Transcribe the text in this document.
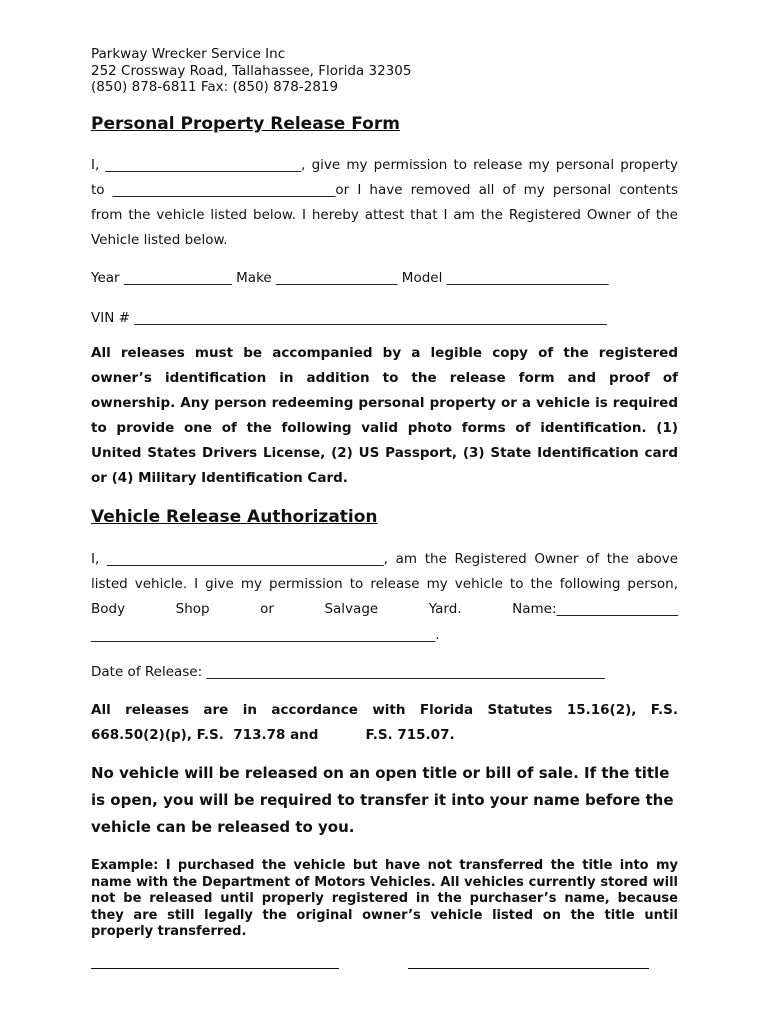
Parkway Wrecker Service Inc
252 Crossway Road, Tallahassee, Florida 32305
(850) 878-6811 Fax: (850) 878-2819
Personal Property Release Form

I, _____________________________, give my permission to release my personal property to _________________________________or I have removed all of my personal contents from the vehicle listed below. I hereby attest that I am the Registered Owner of the Vehicle listed below.

Year ________________ Make __________________ Model ________________________
VIN # ______________________________________________________________________

All releases must be accompanied by a legible copy of the registered owner’s identification in addition to the release form and proof of ownership. Any person redeeming personal property or a vehicle is required to provide one of the following valid photo forms of identification. (1) United States Drivers License, (2) US Passport, (3) State Identification card or (4) Military Identification Card.

Vehicle Release Authorization

I, _________________________________________, am the Registered Owner of the above listed vehicle. I give my permission to release my vehicle to the following person, Body Shop or Salvage Yard. Name:__________________

___________________________________________________.
Date of Release: ___________________________________________________________
All releases are in accordance with Florida Statutes 15.16(2), F.S.
668.50(2)(p), F.S.  713.78 and          F.S. 715.07.

No vehicle will be released on an open title or bill of sale. If the title is open, you will be required to transfer it into your name before the vehicle can be released to you.

Example: I purchased the vehicle but have not transferred the title into my name with the Department of Motors Vehicles. All vehicles currently stored will not be released until properly registered in the purchaser’s name, because they are still legally the original owner’s vehicle listed on the title until properly transferred.
